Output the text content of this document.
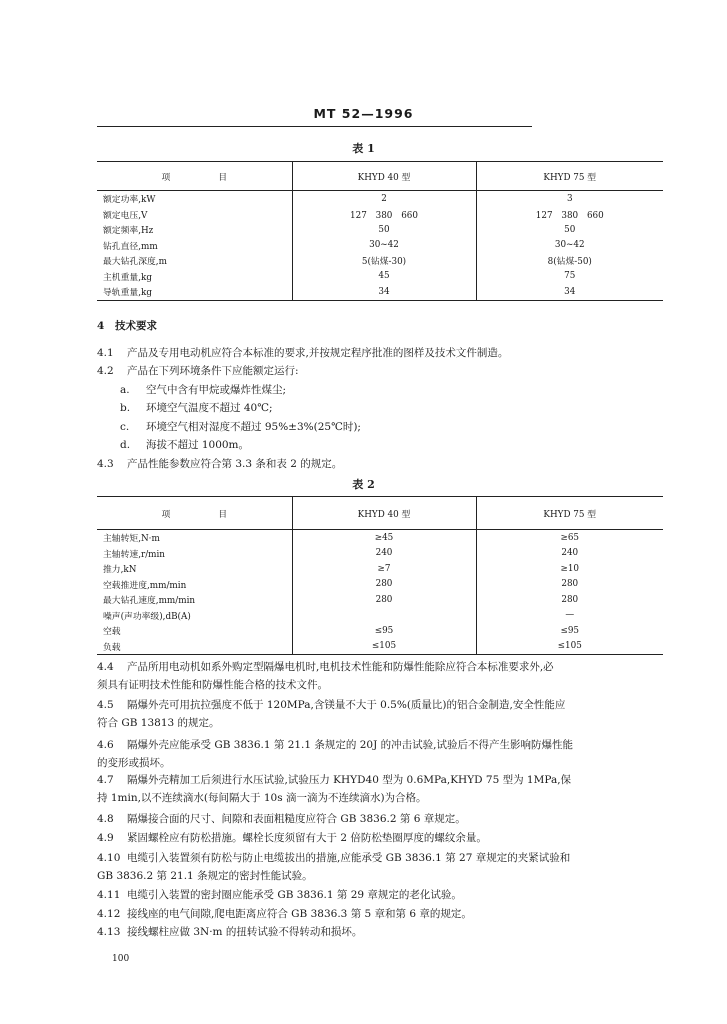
MT 52—1996
表 1
项 目	KHYD 40 型	KHYD 75 型
额定功率,kW	2	3
额定电压,V	127　380　660	127　380　660
额定频率,Hz	50	50
钻孔直径,mm	30~42	30~42
最大钻孔深度,m	5(钻煤-30)	8(钻煤-50)
主机重量,kg	45	75
导轨重量,kg	34	34
4 技术要求
4.1 产品及专用电动机应符合本标准的要求,并按规定程序批准的图样及技术文件制造。
4.2 产品在下列环境条件下应能额定运行:
a. 空气中含有甲烷或爆炸性煤尘;
b. 环境空气温度不超过 40℃;
c. 环境空气相对湿度不超过 95%±3%(25℃时);
d. 海拔不超过 1000m。
4.3 产品性能参数应符合第 3.3 条和表 2 的规定。
表 2
项 目	KHYD 40 型	KHYD 75 型
主轴转矩,N·m	≥45	≥65
主轴转速,r/min	240	240
推力,kN	≥7	≥10
空载推进度,mm/min	280	280
最大钻孔速度,mm/min	280	280
噪声(声功率级),dB(A)		—
空载	≤95	≤95
负载	≤105	≤105
4.4 产品所用电动机如系外购定型隔爆电机时,电机技术性能和防爆性能除应符合本标准要求外,必
须具有证明技术性能和防爆性能合格的技术文件。
4.5 隔爆外壳可用抗拉强度不低于 120MPa,含镁量不大于 0.5%(质量比)的铝合金制造,安全性能应
符合 GB 13813 的规定。
4.6 隔爆外壳应能承受 GB 3836.1 第 21.1 条规定的 20J 的冲击试验,试验后不得产生影响防爆性能
的变形或损坏。
4.7 隔爆外壳精加工后须进行水压试验,试验压力 KHYD40 型为 0.6MPa,KHYD 75 型为 1MPa,保
持 1min,以不连续滴水(每间隔大于 10s 滴一滴为不连续滴水)为合格。
4.8 隔爆接合面的尺寸、间隙和表面粗糙度应符合 GB 3836.2 第 6 章规定。
4.9 紧固螺栓应有防松措施。螺栓长度须留有大于 2 倍防松垫圈厚度的螺纹余量。
4.10 电缆引入装置须有防松与防止电缆拔出的措施,应能承受 GB 3836.1 第 27 章规定的夹紧试验和
GB 3836.2 第 21.1 条规定的密封性能试验。
4.11 电缆引入装置的密封圈应能承受 GB 3836.1 第 29 章规定的老化试验。
4.12 接线座的电气间隙,爬电距离应符合 GB 3836.3 第 5 章和第 6 章的规定。
4.13 接线螺柱应做 3N·m 的扭转试验不得转动和损坏。
100
